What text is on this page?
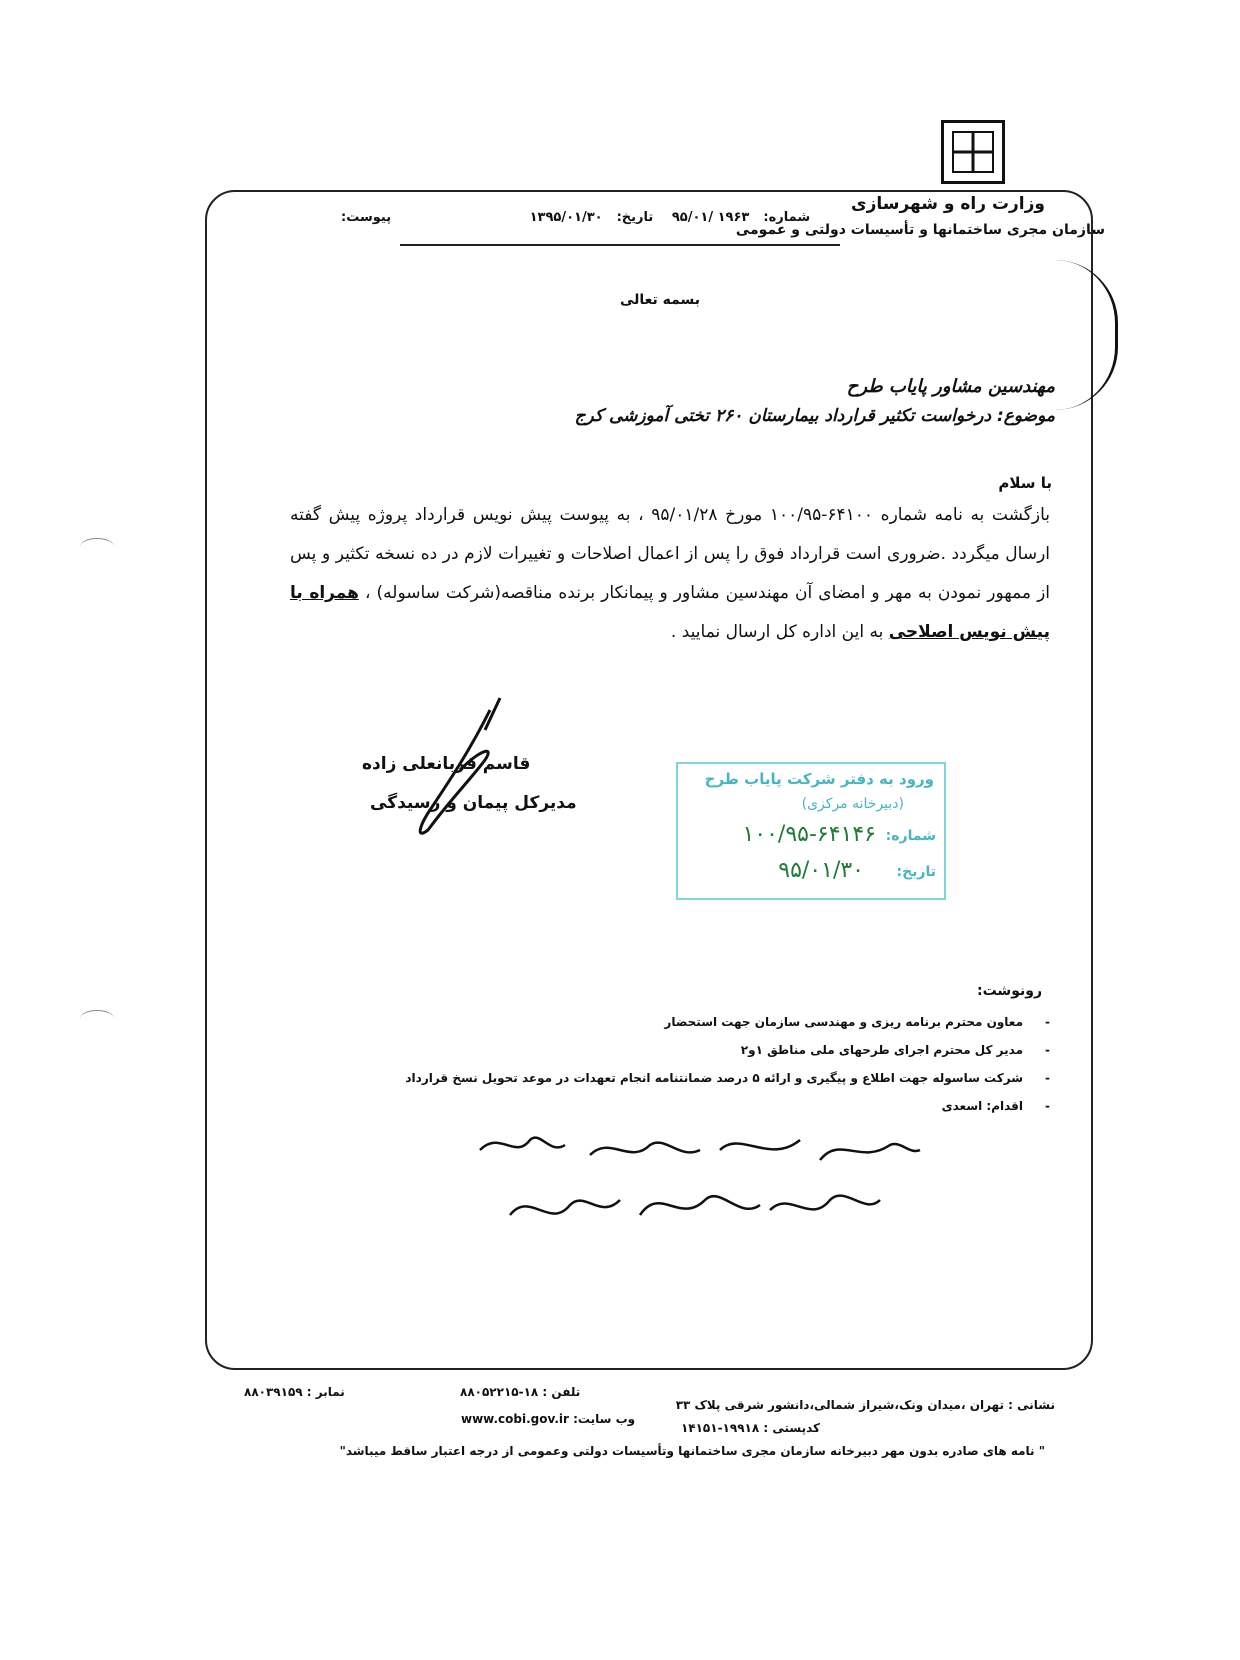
وزارت راه و شهرسازی
سازمان مجری ساختمانها و تأسیسات دولتی و عمومی
شماره:۱۹۶۳ /۹۵/۰۱ تاریخ:۱۳۹۵/۰۱/۳۰ پیوست:
بسمه تعالی
مهندسین مشاور پایاب طرح
موضوع: درخواست تکثیر قرارداد بیمارستان ۲۶۰ تختی آموزشی کرج
با سلام
بازگشت به نامه شماره ۶۴۱۰۰-۱۰۰/۹۵ مورخ ۹۵/۰۱/۲۸ ، به پیوست پیش نویس قرارداد پروژه پیش گفته ارسال میگردد .ضروری است قرارداد فوق را پس از اعمال اصلاحات و تغییرات لازم در ده نسخه تکثیر و پس از ممهور نمودن به مهر و امضای آن مهندسین مشاور و پیمانکار برنده مناقصه(شرکت ساسوله) ، همراه با پیش نویس اصلاحی به این اداره کل ارسال نمایید .
قاسم قربانعلی زاده
مدیرکل پیمان و رسیدگی
ورود به دفتر شرکت پایاب طرح
(دبیرخانه مرکزی)
شماره:
۱۰۰/۹۵-۶۴۱۴۶
تاریخ:
۹۵/۰۱/۳۰
رونوشت:
- معاون محترم برنامه ریزی و مهندسی سازمان جهت استحضار
- مدیر کل محترم اجرای طرحهای ملی مناطق ۱و۲
- شرکت ساسوله جهت اطلاع و پیگیری و ارائه ۵ درصد ضمانتنامه انجام تعهدات در موعد تحویل نسخ قرارداد
- اقدام: اسعدی
نشانی : تهران ،میدان ونک،شیراز شمالی،دانشور شرقی پلاک ۳۳
کدپستی : ۱۹۹۱۸-۱۴۱۵۱
تلفن : ۱۸-۸۸۰۵۲۲۱۵
وب سایت: www.cobi.gov.ir
نمابر : ۸۸۰۳۹۱۵۹
" نامه های صادره بدون مهر دبیرخانه سازمان مجری ساختمانها وتأسیسات دولتی وعمومی از درجه اعتبار ساقط میباشد"
